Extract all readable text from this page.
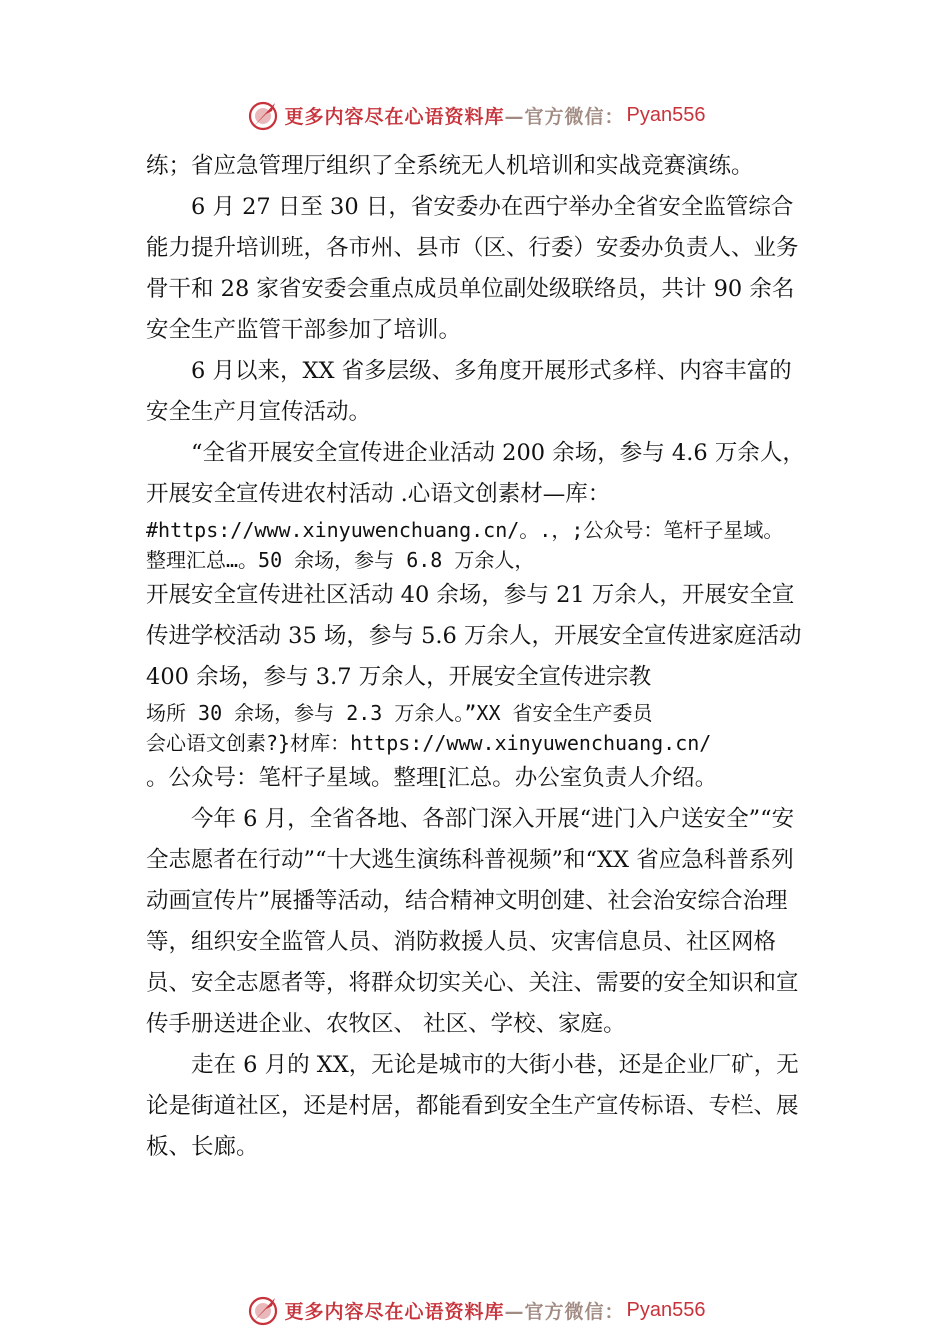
更多内容尽在心语资料库 —官方微信： Pyan556

练；省应急管理厅组织了全系统无人机培训和实战竞赛演练。

6 月 27 日至 30 日，省安委办在西宁举办全省安全监管综合能力提升培训班，各市州、县市（区、行委）安委办负责人、业务骨干和 28 家省安委会重点成员单位副处级联络员，共计 90 余名安全生产监管干部参加了培训。

6 月以来，XX 省多层级、多角度开展形式多样、内容丰富的安全生产月宣传活动。

“全省开展安全宣传进企业活动 200 余场，参与 4.6 万余人，开展安全宣传进农村活动 .心语文创素材—库：

#https://www.xinyuwenchuang.cn/。.，;公众号：笔杆子星域。

整理汇总…。50 余场，参与 6.8 万余人，

开展安全宣传进社区活动 40 余场，参与 21 万余人，开展安全宣传进学校活动 35 场，参与 5.6 万余人，开展安全宣传进家庭活动 400 余场，参与 3.7 万余人，开展安全宣传进宗教

场所 30 余场，参与 2.3 万余人。”XX 省安全生产委员

会心语文创素?}材库：https://www.xinyuwenchuang.cn/

。公众号：笔杆子星域。整理[汇总。办公室负责人介绍。

今年 6 月，全省各地、各部门深入开展“进门入户送安全”“安全志愿者在行动”“十大逃生演练科普视频”和“XX 省应急科普系列动画宣传片”展播等活动，结合精神文明创建、社会治安综合治理等，组织安全监管人员、消防救援人员、灾害信息员、社区网格员、安全志愿者等，将群众切实关心、关注、需要的安全知识和宣传手册送进企业、农牧区、 社区、学校、家庭。

走在 6 月的 XX，无论是城市的大街小巷，还是企业厂矿，无论是街道社区，还是村居，都能看到安全生产宣传标语、专栏、展板、长廊。

更多内容尽在心语资料库 —官方微信： Pyan556
